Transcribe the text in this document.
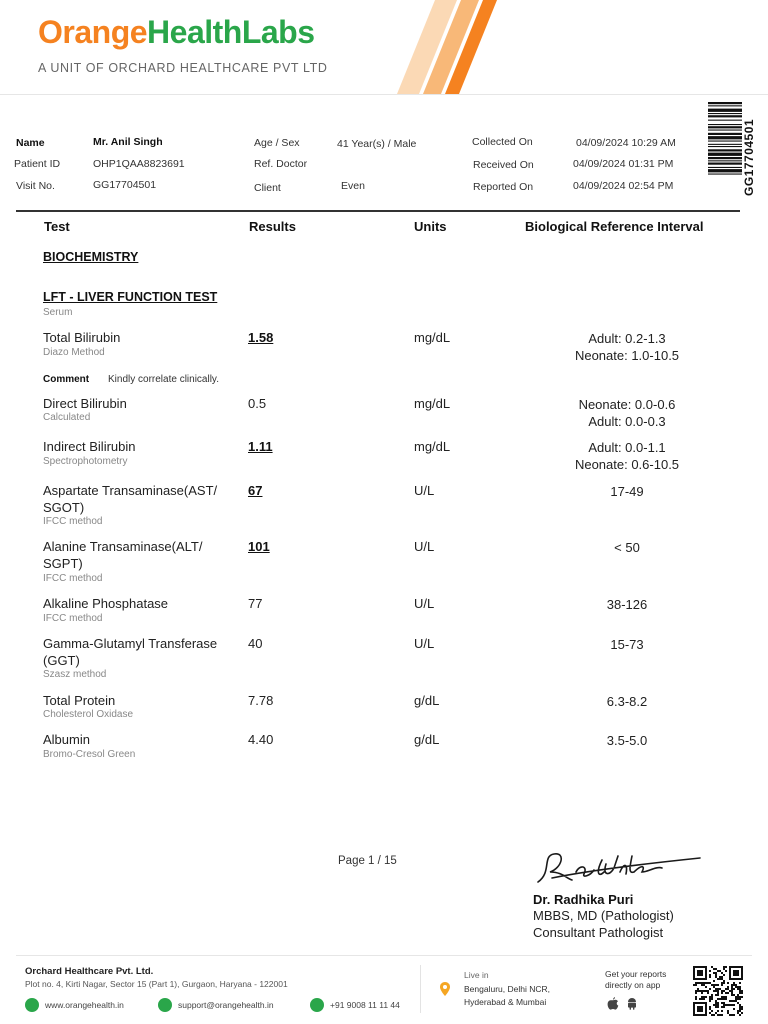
OrangeHealthLabs
A UNIT OF ORCHARD HEALTHCARE PVT LTD
Name	Mr. Anil Singh
Patient ID	OHP1QAA8823691
Visit No.	GG17704501
Age / Sex	41 Year(s) / Male
Ref. Doctor
Client	Even
Collected On	04/09/2024 10:29 AM
Received On	04/09/2024 01:31 PM
Reported On	04/09/2024 02:54 PM	GG17704501
Test	Results	Units	Biological Reference Interval
BIOCHEMISTRY
LFT - LIVER FUNCTION TEST
Serum
Total Bilirubin
Diazo Method
1.58	mg/dL	Adult: 0.2-1.3
Neonate: 1.0-10.5
Comment Kindly correlate clinically.
Direct Bilirubin
Calculated
0.5	mg/dL	Neonate: 0.0-0.6
Adult: 0.0-0.3
Indirect Bilirubin
Spectrophotometry
1.11	mg/dL	Adult: 0.0-1.1
Neonate: 0.6-10.5
Aspartate Transaminase(AST/ SGOT)
IFCC method
67	U/L	17-49
Alanine Transaminase(ALT/ SGPT)
IFCC method
101	U/L	< 50
Alkaline Phosphatase
IFCC method
77	U/L	38-126
Gamma-Glutamyl Transferase (GGT)
Szasz method
40	U/L	15-73
Total Protein
Cholesterol Oxidase
7.78	g/dL	6.3-8.2
Albumin
Bromo-Cresol Green
4.40	g/dL	3.5-5.0
Page 1 / 15
Dr. Radhika Puri
MBBS, MD (Pathologist)
Consultant Pathologist
Orchard Healthcare Pvt. Ltd.
Plot no. 4, Kirti Nagar, Sector 15 (Part 1), Gurgaon, Haryana - 122001
www.orangehealth.in	support@orangehealth.in	+91 9008 11 11 44
Live in
Bengaluru, Delhi NCR, Hyderabad & Mumbai
Get your reports directly on app
